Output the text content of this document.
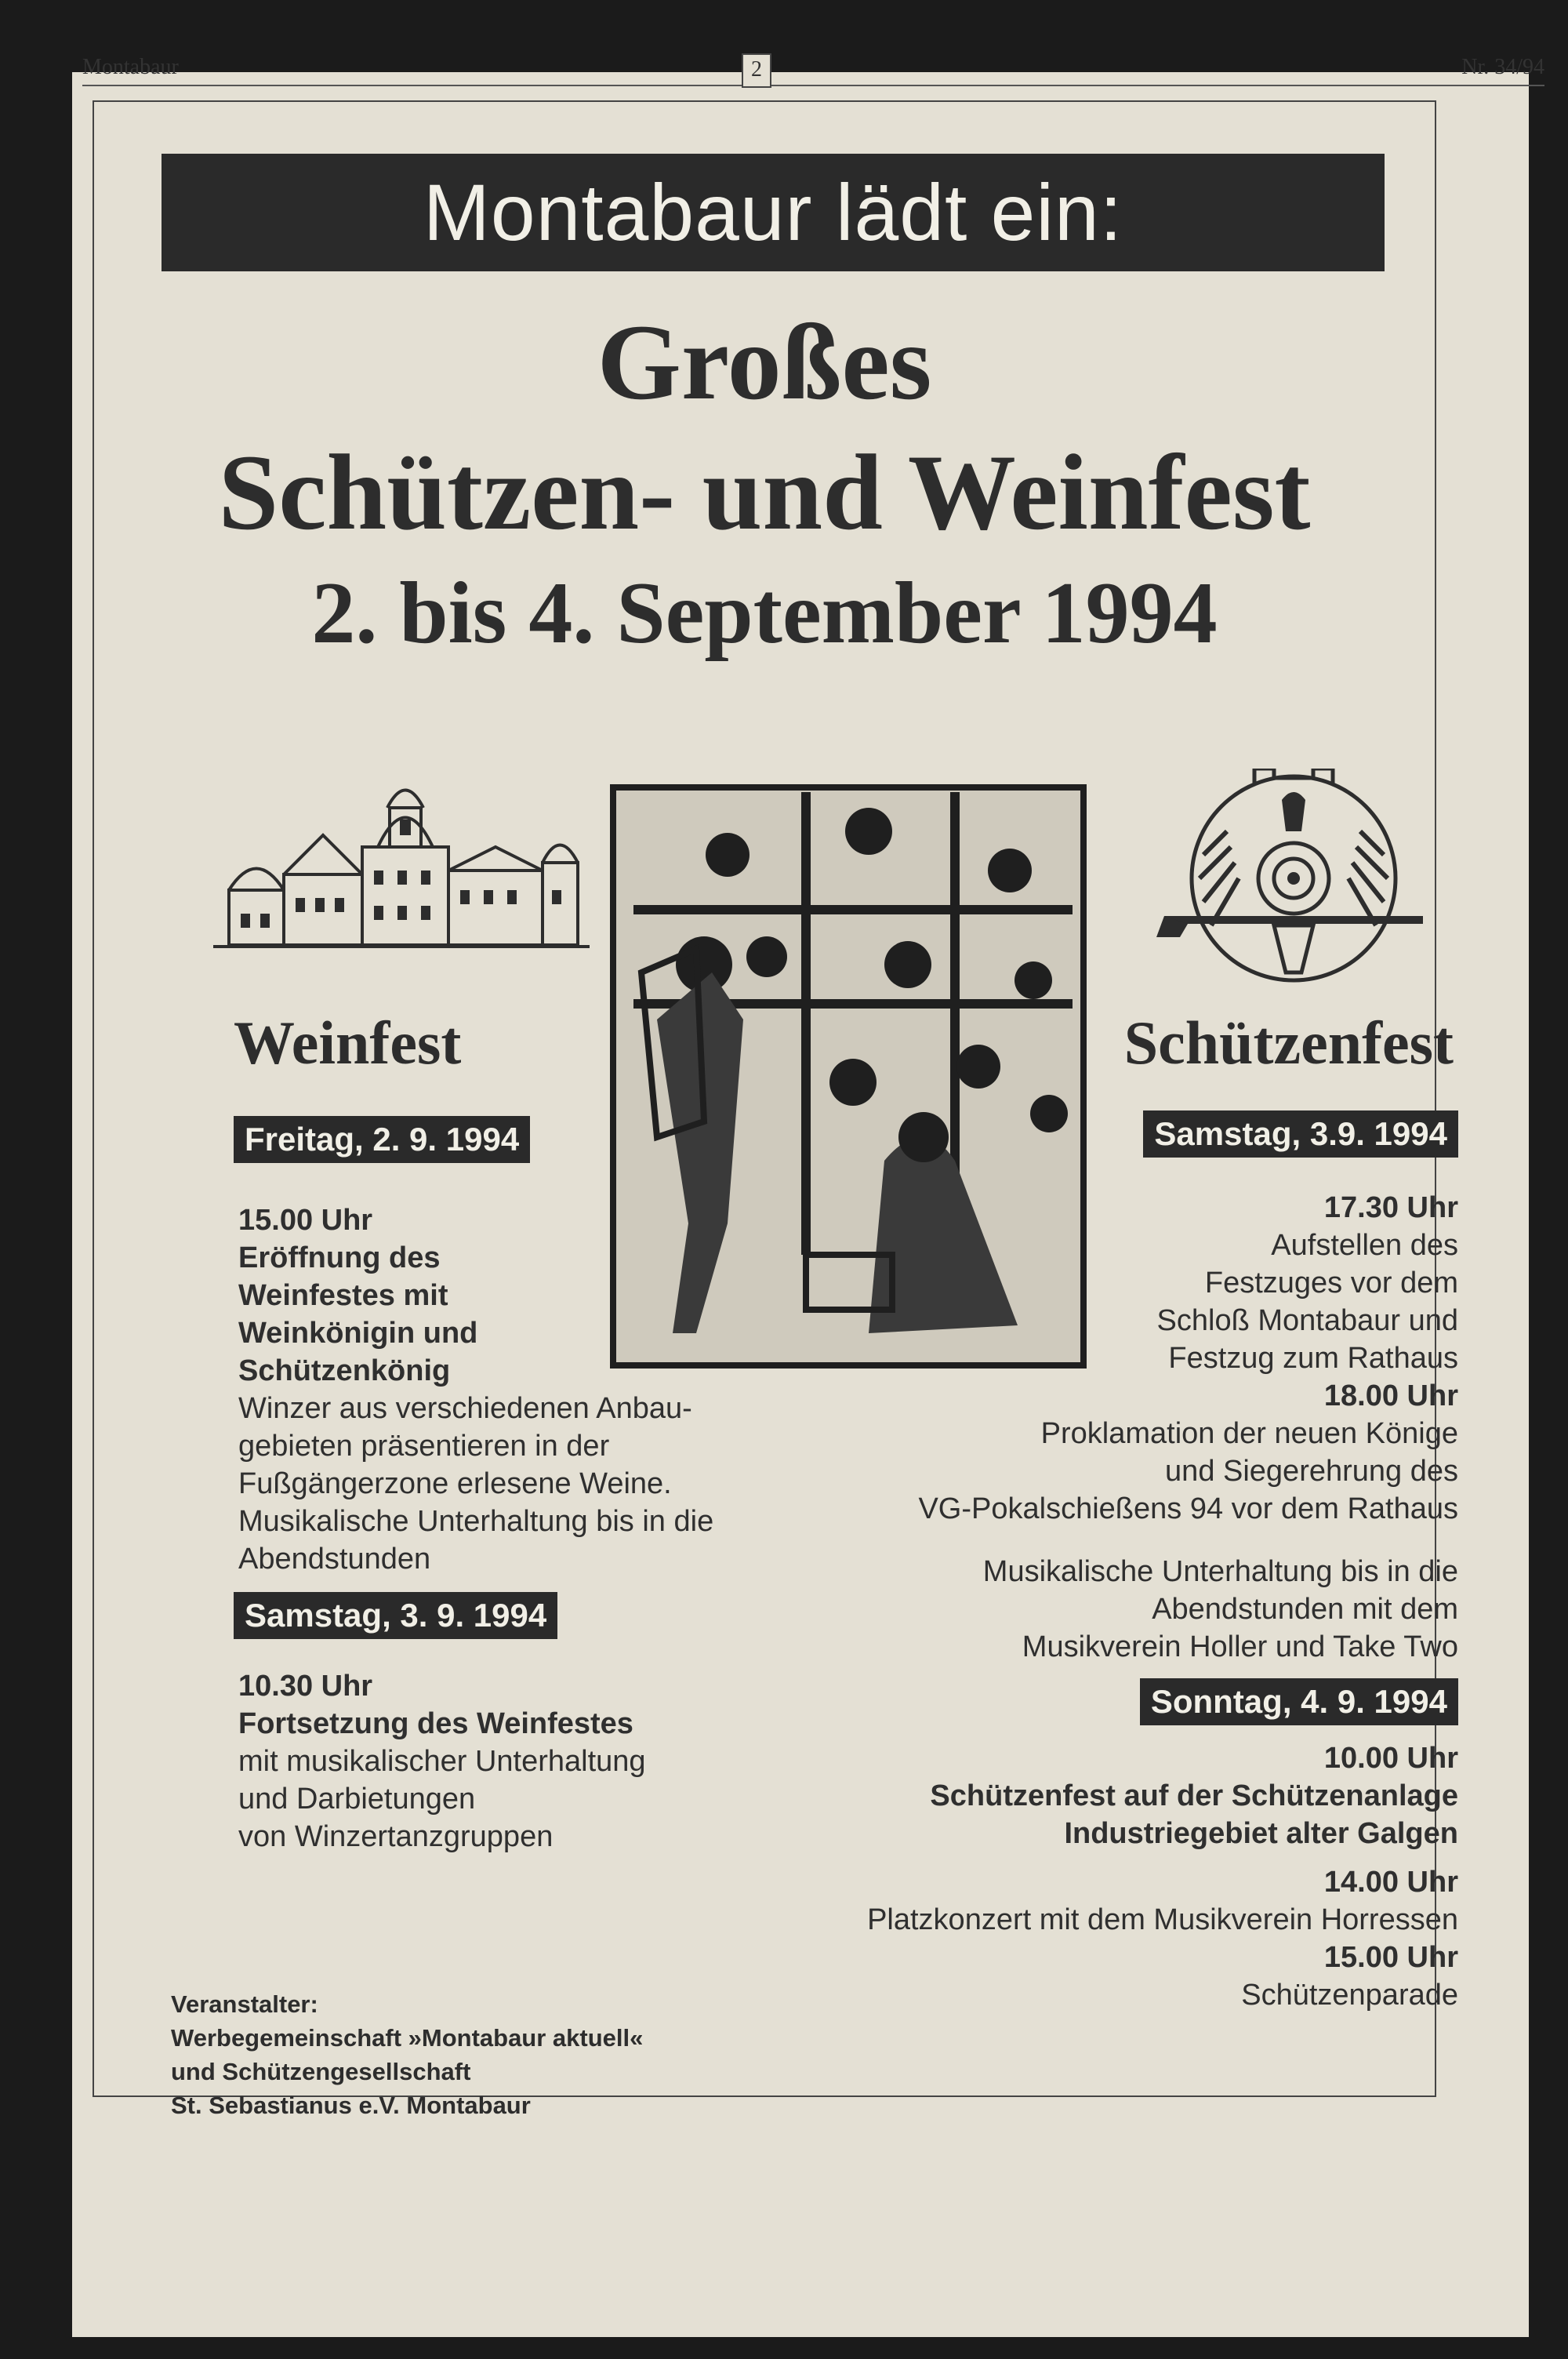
Montabaur	Nr. 34/94
2
Montabaur lädt ein:
Großes
Schützen- und Weinfest
2. bis 4. September 1994
Weinfest
Freitag, 2. 9. 1994
15.00 Uhr
Eröffnung des
Weinfestes mit
Weinkönigin und
Schützenkönig
Winzer aus verschiedenen Anbau-
gebieten präsentieren in der
Fußgängerzone erlesene Weine.
Musikalische Unterhaltung bis in die
Abendstunden
Samstag, 3. 9. 1994
10.30 Uhr
Fortsetzung des Weinfestes
mit musikalischer Unterhaltung
und Darbietungen
von Winzertanzgruppen
Schützenfest
Samstag, 3.9. 1994
17.30 Uhr
Aufstellen des
Festzuges vor dem
Schloß Montabaur und
Festzug zum Rathaus
18.00 Uhr
Proklamation der neuen Könige
und Siegerehrung des
VG-Pokalschießens 94 vor dem Rathaus
Musikalische Unterhaltung bis in die
Abendstunden mit dem
Musikverein Holler und Take Two
Sonntag, 4. 9. 1994
10.00 Uhr
Schützenfest auf der Schützenanlage
Industriegebiet alter Galgen
14.00 Uhr
Platzkonzert mit dem Musikverein Horressen
15.00 Uhr
Schützenparade
Veranstalter:
Werbegemeinschaft »Montabaur aktuell«
und Schützengesellschaft
St. Sebastianus e.V. Montabaur
